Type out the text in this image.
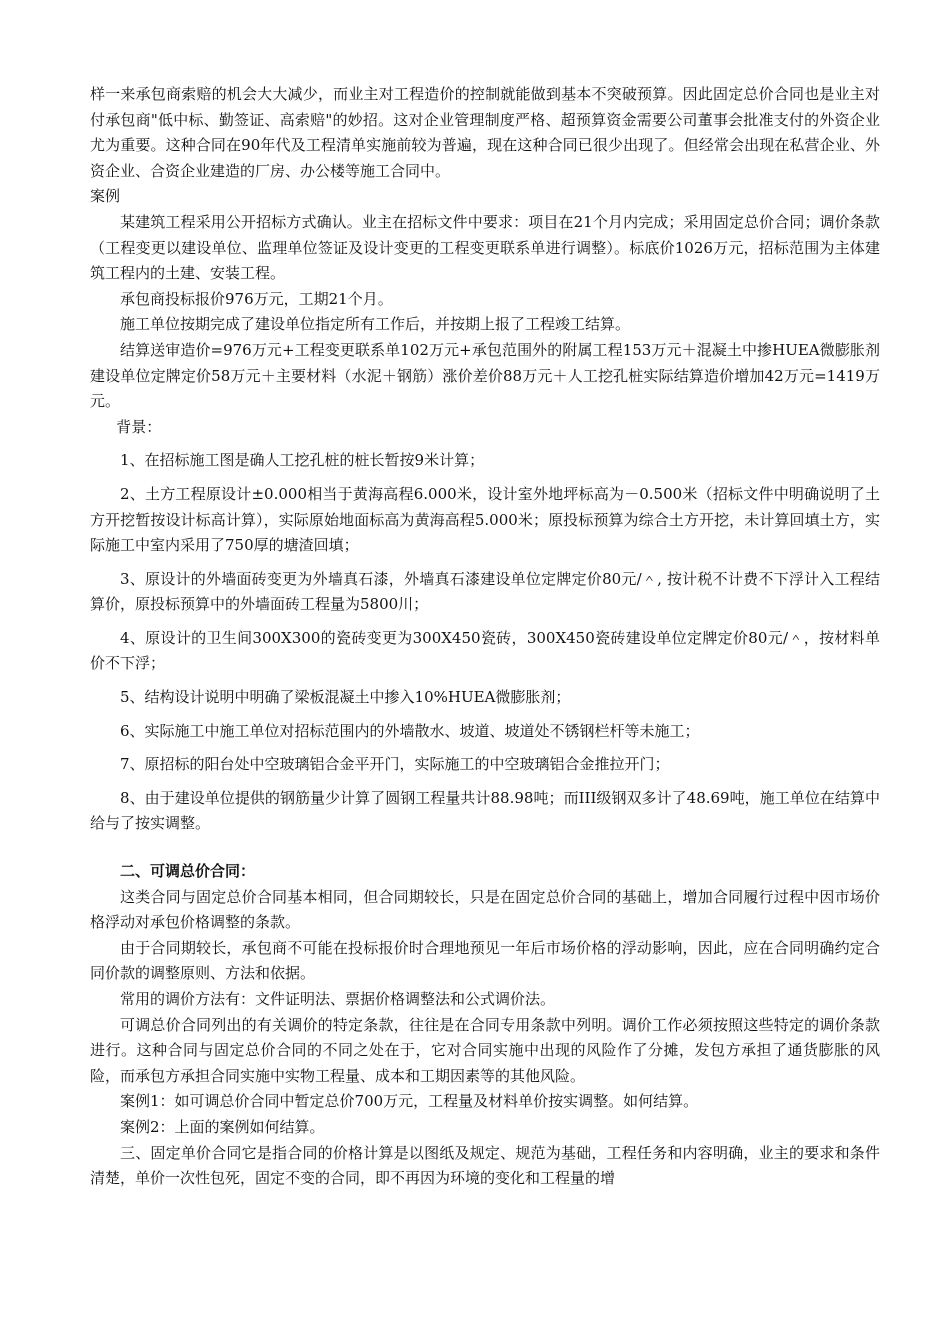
样一来承包商索赔的机会大大减少，而业主对工程造价的控制就能做到基本不突破预算。因此固定总价合同也是业主对付承包商"低中标、勤签证、高索赔"的妙招。这对企业管理制度严格、超预算资金需要公司董事会批准支付的外资企业尤为重要。这种合同在90年代及工程清单实施前较为普遍，现在这种合同已很少出现了。但经常会出现在私营企业、外资企业、合资企业建造的厂房、办公楼等施工合同中。

案例

某建筑工程采用公开招标方式确认。业主在招标文件中要求：项目在21个月内完成；采用固定总价合同；调价条款（工程变更以建设单位、监理单位签证及设计变更的工程变更联系单进行调整）。标底价1026万元，招标范围为主体建筑工程内的土建、安装工程。

承包商投标报价976万元，工期21个月。

施工单位按期完成了建设单位指定所有工作后，并按期上报了工程竣工结算。

结算送审造价=976万元+工程变更联系单102万元+承包范围外的附属工程153万元＋混凝土中掺HUEA微膨胀剂建设单位定牌定价58万元＋主要材料（水泥＋钢筋）涨价差价88万元＋人工挖孔桩实际结算造价增加42万元=1419万元。

背景：

1、在招标施工图是确人工挖孔桩的桩长暂按9米计算；

2、土方工程原设计±0.000相当于黄海高程6.000米，设计室外地坪标高为－0.500米（招标文件中明确说明了土方开挖暂按设计标高计算），实际原始地面标高为黄海高程5.000米；原投标预算为综合土方开挖，未计算回填土方，实际施工中室内采用了750厚的塘渣回填；

3、原设计的外墙面砖变更为外墙真石漆，外墙真石漆建设单位定牌定价80元/＾, 按计税不计费不下浮计入工程结算价，原投标预算中的外墙面砖工程量为5800川；

4、原设计的卫生间300X300的瓷砖变更为300X450瓷砖，300X450瓷砖建设单位定牌定价80元/＾，按材料单价不下浮；

5、结构设计说明中明确了梁板混凝土中掺入10%HUEA微膨胀剂；

6、实际施工中施工单位对招标范围内的外墙散水、坡道、坡道处不锈钢栏杆等未施工；

7、原招标的阳台处中空玻璃铝合金平开门，实际施工的中空玻璃铝合金推拉开门；

8、由于建设单位提供的钢筋量少计算了圆钢工程量共计88.98吨；而III级钢双多计了48.69吨，施工单位在结算中给与了按实调整。

二、可调总价合同：

这类合同与固定总价合同基本相同，但合同期较长，只是在固定总价合同的基础上，增加合同履行过程中因市场价格浮动对承包价格调整的条款。

由于合同期较长，承包商不可能在投标报价时合理地预见一年后市场价格的浮动影响，因此，应在合同明确约定合同价款的调整原则、方法和依据。

常用的调价方法有：文件证明法、票据价格调整法和公式调价法。

可调总价合同列出的有关调价的特定条款，往往是在合同专用条款中列明。调价工作必须按照这些特定的调价条款进行。这种合同与固定总价合同的不同之处在于，它对合同实施中出现的风险作了分摊，发包方承担了通货膨胀的风险，而承包方承担合同实施中实物工程量、成本和工期因素等的其他风险。

案例1：如可调总价合同中暂定总价700万元，工程量及材料单价按实调整。如何结算。

案例2：上面的案例如何结算。

三、固定单价合同它是指合同的价格计算是以图纸及规定、规范为基础，工程任务和内容明确，业主的要求和条件清楚，单价一次性包死，固定不变的合同，即不再因为环境的变化和工程量的增
